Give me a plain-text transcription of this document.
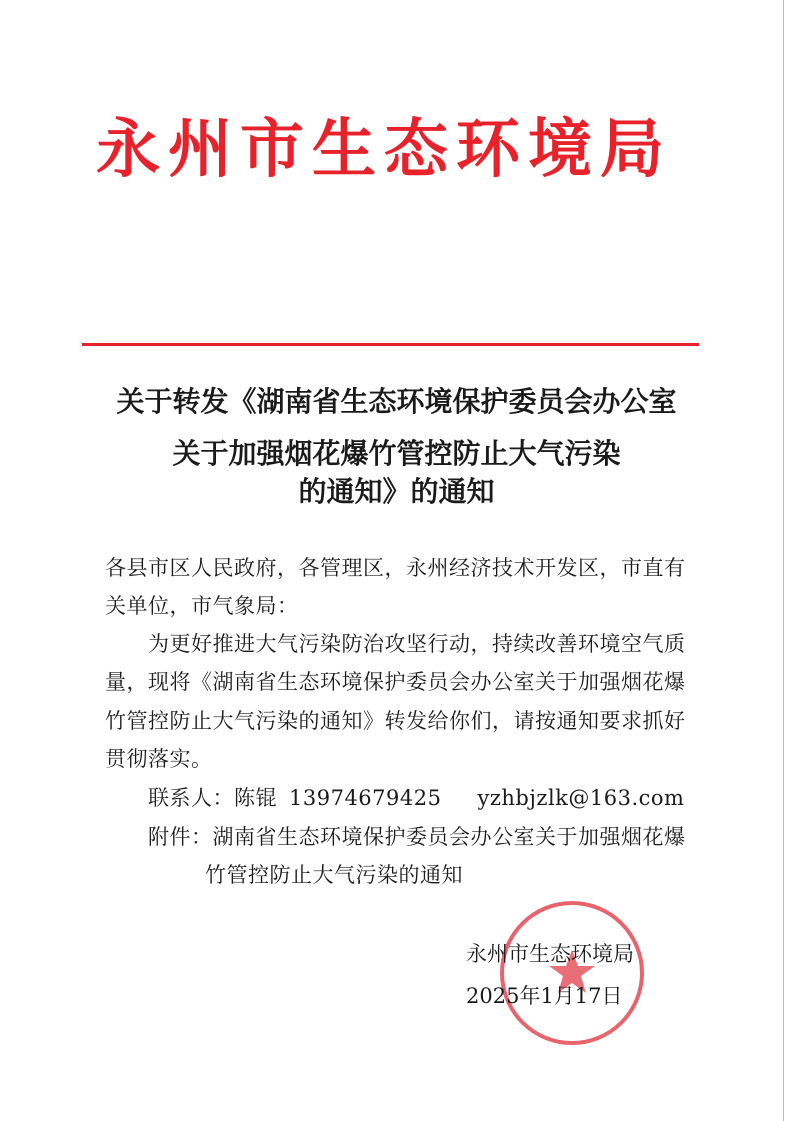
永州市生态环境局
关于转发《湖南省生态环境保护委员会办公室
关于加强烟花爆竹管控防止大气污染
的通知》的通知
各县市区人民政府，各管理区，永州经济技术开发区，市直有
关单位，市气象局：
为更好推进大气污染防治攻坚行动，持续改善环境空气质
量，现将《湖南省生态环境保护委员会办公室关于加强烟花爆
竹管控防止大气污染的通知》转发给你们，请按通知要求抓好
贯彻落实。
联系人：陈锟 13974679425 yzhbjzlk@163.com
附件：湖南省生态环境保护委员会办公室关于加强烟花爆
竹管控防止大气污染的通知
永州市生态环境局
2025年1月17日
